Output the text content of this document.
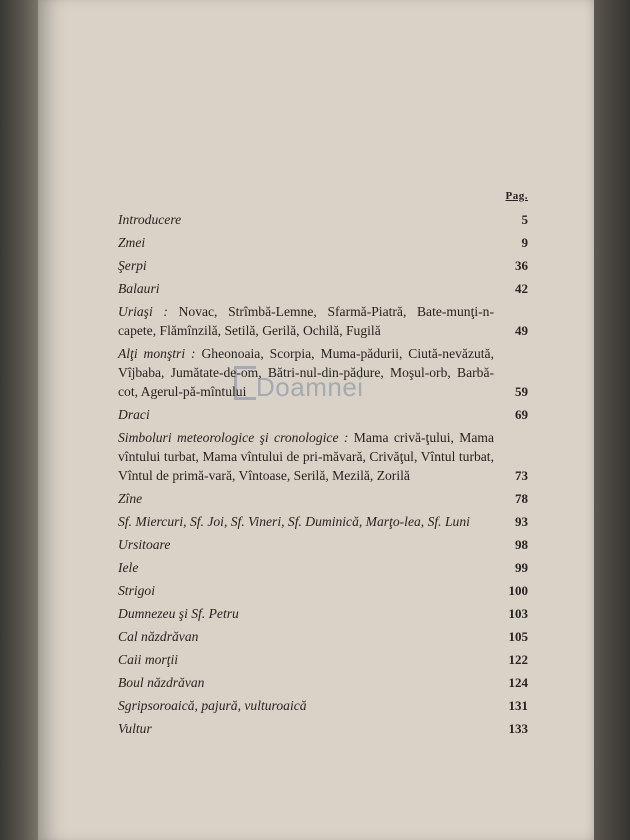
Doamnei
Pag.
Introducere	5
Zmei	9
Şerpi	36
Balauri	42
Uriaşi : Novac, Strîmbă-Lemne, Sfarmă-Piatră, Bate-munţi-n-capete, Flămînzilă, Setilă, Gerilă, Ochilă, Fugilă	49
Alţi monştri : Gheonoaia, Scorpia, Muma-pădurii, Ciută-nevăzută, Vîjbaba, Jumătate-de-om, Bătri-nul-din-pădure, Moşul-orb, Barbă-cot, Agerul-pă-mîntului	59
Draci	69
Simboluri meteorologice şi cronologice : Mama crivă-ţului, Mama vîntului turbat, Mama vîntului de pri-măvară, Crivăţul, Vîntul turbat, Vîntul de primă-vară, Vîntoase, Serilă, Mezilă, Zorilă	73
Zîne	78
Sf. Miercuri, Sf. Joi, Sf. Vineri, Sf. Duminică, Marţo-lea, Sf. Luni	93
Ursitoare	98
Iele	99
Strigoi	100
Dumnezeu şi Sf. Petru	103
Cal năzdrăvan	105
Caii morţii	122
Boul năzdrăvan	124
Sgripsoroaică, pajură, vulturoaică	131
Vultur	133
